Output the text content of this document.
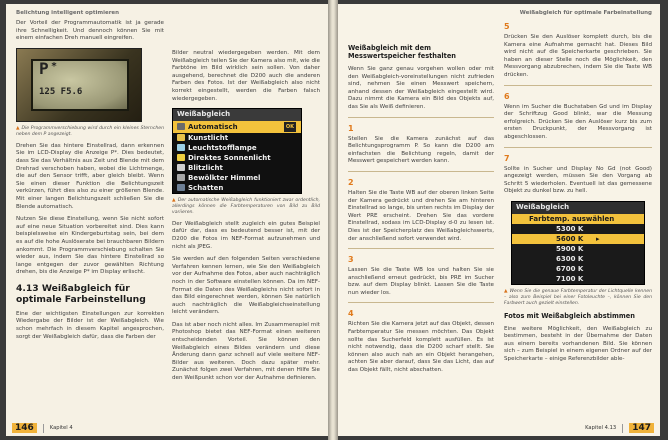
Belichtung intelligent optimieren

Der Vorteil der Programmautomatik ist ja gerade ihre Schnelligkeit. Und dennoch können Sie mit einem einfachen Dreh manuell eingreifen.

P *
125 F5.6
▲ Die Programmverschiebung wird durch ein kleines Sternchen neben dem P angezeigt.

Drehen Sie das hintere Einstellrad, dann erkennen Sie im LCD-Display die Anzeige P*. Dies bedeutet, dass Sie das Verhältnis aus Zeit und Blende mit dem Drehrad verschoben haben, wobei die Lichtmenge, die auf den Sensor trifft, aber gleich bleibt. Wenn Sie einen dieser Funktion die Belichtungszeit verkürzen, führt dies also zu einer größeren Blende. Mit einer langen Belichtungszeit schließen Sie die Blende automatisch.

Nutzen Sie diese Einstellung, wenn Sie nicht sofort auf eine neue Situation vorbereitet sind. Dies kann beispielsweise ein Kindergeburtstag sein, bei dem es auf die hohe Auslöserate bei brauchbaren Bildern ankommt. Die Programmverschiebung schalten Sie wieder aus, indem Sie das hintere Einstellrad so lange entgegen der zuvor gewählten Richtung drehen, bis die Anzeige P* im Display erlischt.

4.13 Weißabgleich für optimale Farbeinstellung

Eine der wichtigsten Einstellungen zur korrekten Wiedergabe der Bilder ist der Weißabgleich. Wie schon mehrfach in diesem Kapitel angesprochen, sorgt der Weißabgleich dafür, dass die Farben der

Bilder neutral wiedergegeben werden. Mit dem Weißabgleich teilen Sie der Kamera also mit, wie die Farbtöne im Bild wirklich sein sollen. Von daher ausgehend, berechnet die D200 auch die anderen Farben des Fotos. Ist der Weißabgleich also nicht korrekt eingestellt, werden die Farben falsch wiedergegeben.

Weißabgleich
Automatisch	OK
Kunstlicht
Leuchtstofflampe
Direktes Sonnenlicht
Blitzlicht
Bewölkter Himmel
Schatten
▲ Der automatische Weißabgleich funktioniert zwar ordentlich, allerdings können die Farbtemperaturen von Bild zu Bild variieren.

Der Weißabgleich stellt zugleich ein gutes Beispiel dafür dar, dass es bedeutend besser ist, mit der D200 die Fotos im NEF-Format aufzunehmen und nicht als JPEG.

Sie werden auf den folgenden Seiten verschiedene Verfahren kennen lernen, wie Sie den Weißabgleich vor der Aufnahme des Fotos, aber auch nachträglich noch in der Software einstellen können. Da im NEF-Format die Daten des Weißabgleichs nicht sofort in das Bild eingerechnet werden, können Sie natürlich auch nachträglich die Weißabgleichseinstellung leicht verändern.

Das ist aber noch nicht alles. Im Zusammenspiel mit Photoshop bietet das NEF-Format einen weiteren entscheidenden Vorteil. Sie können den Weißabgleich eines Bildes verändern und diese Änderung dann ganz schnell auf viele weitere NEF-Bilder aus weiteren. Doch dazu später mehr. Zunächst folgen zwei Verfahren, mit denen Hilfe Sie den Weißpunkt schon vor der Aufnahme definieren.

146	Kapitel 4
Weißabgleich für optimale Farbeinstellung
Weißabgleich mit dem Messwertspeicher festhalten

Wenn Sie ganz genau vorgehen wollen oder mit den Weißabgleich-voreinstellungen nicht zufrieden sind, nehmen Sie einen Messwert speichern, anhand dessen der Weißabgleich eingestellt wird. Dazu nimmt die Kamera ein Bild des Objekts auf, das Sie als Weiß definieren.

1

Stellen Sie die Kamera zunächst auf das Belichtungsprogramm P. So kann die D200 am einfachsten die Belichtung regeln, damit der Messwert gespeichert werden kann.

2

Halten Sie die Taste WB auf der oberen linken Seite der Kamera gedrückt und drehen Sie am hinteren Einstellrad so lange, bis unten rechts im Display der Wert PRE erscheint. Drehen Sie das vordere Einstellrad, sodass im LCD-Display d-0 zu lesen ist. Dies ist der Speicherplatz des Weißabgleichswerts, der anschließend sofort verwendet wird.

3

Lassen Sie die Taste WB los und halten Sie sie anschließend erneut gedrückt, bis PRE im Sucher bzw. auf dem Display blinkt. Lassen Sie die Taste nun wieder los.

4

Richten Sie die Kamera jetzt auf das Objekt, dessen Farbtemperatur Sie messen möchten. Das Objekt sollte das Sucherfeld komplett ausfüllen. Es ist nicht notwendig, dass die D200 scharf stellt. Sie können also auch nah an ein Objekt herangehen, achten Sie aber darauf, dass Sie das Licht, das auf das Objekt fällt, nicht abschatten.

5

Drücken Sie den Auslöser komplett durch, bis die Kamera eine Aufnahme gemacht hat. Dieses Bild wird nicht auf die Speicherkarte geschrieben. Sie haben an dieser Stelle noch die Möglichkeit, den Messvorgang abzubrechen, indem Sie die Taste WB drücken.

6

Wenn im Sucher die Buchstaben Gd und im Display der Schriftzug Good blinkt, war die Messung erfolgreich. Drücken Sie den Auslöser kurz bis zum ersten Druckpunkt, der Messvorgang ist abgeschlossen.

7

Sollte in Sucher und Display No Gd (not Good) angezeigt werden, müssen Sie den Vorgang ab Schritt 5 wiederholen. Eventuell ist das gemessene Objekt zu dunkel bzw. zu hell.

Weißabgleich
Farbtemp. auswählen
5300 K
5600 K	▸
5900 K
6300 K
6700 K
7100 K
▲ Wenn Sie die genaue Farbtemperatur der Lichtquelle kennen – also zum Beispiel bei einer Fotoleuchte –, können Sie den Farbwert auch gezielt einstellen.
Fotos mit Weißabgleich abstimmen

Eine weitere Möglichkeit, den Weißabgleich zu bestimmen, besteht in der Übernahme der Daten aus einem bereits vorhandenen Bild. Sie können sich – zum Beispiel in einem eigenen Ordner auf der Speicherkarte – einige Referenzbilder able-

Kapitel 4.13	147
